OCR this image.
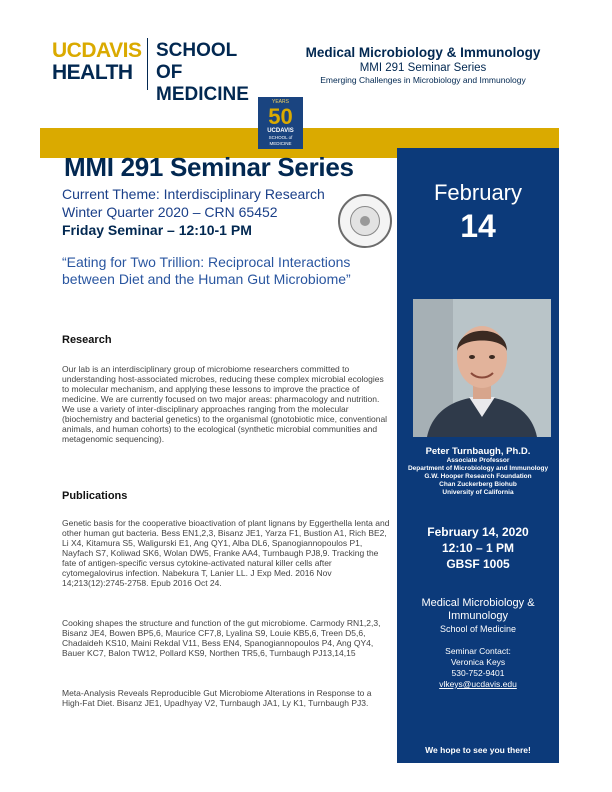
UCDAVIS
HEALTH
SCHOOL OF
MEDICINE
Medical Microbiology & Immunology
MMI 291 Seminar Series
Emerging Challenges in Microbiology and Immunology
YEARS
50
UCDAVIS
SCHOOL of MEDICINE
MMI 291 Seminar Series
Current Theme: Interdisciplinary Research
Winter Quarter 2020 – CRN 65452
Friday Seminar – 12:10-1 PM
“Eating for Two Trillion: Reciprocal Interactions between Diet and the Human Gut Microbiome”
Research
Our lab is an interdisciplinary group of microbiome researchers committed to understanding host-associated microbes, reducing these complex microbial ecologies to molecular mechanism, and applying these lessons to improve the practice of medicine. We are currently focused on two major areas: pharmacology and nutrition. We use a variety of inter-disciplinary approaches ranging from the molecular (biochemistry and bacterial genetics) to the organismal (gnotobiotic mice, conventional animals, and human cohorts) to the ecological (synthetic microbial communities and metagenomic sequencing).
Publications
Genetic basis for the cooperative bioactivation of plant lignans by Eggerthella lenta and other human gut bacteria. Bess EN1,2,3, Bisanz JE1, Yarza F1, Bustion A1, Rich BE2, Li X4, Kitamura S5, Waligurski E1, Ang QY1, Alba DL6, Spanogiannopoulos P1, Nayfach S7, Koliwad SK6, Wolan DW5, Franke AA4, Turnbaugh PJ8,9. Tracking the fate of antigen-specific versus cytokine-activated natural killer cells after cytomegalovirus infection. Nabekura T, Lanier LL. J Exp Med. 2016 Nov 14;213(12):2745-2758. Epub 2016 Oct 24.
Cooking shapes the structure and function of the gut microbiome. Carmody RN1,2,3, Bisanz JE4, Bowen BP5,6, Maurice CF7,8, Lyalina S9, Louie KB5,6, Treen D5,6, Chadaideh KS10, Maini Rekdal V11, Bess EN4, Spanogiannopoulos P4, Ang QY4, Bauer KC7, Balon TW12, Pollard KS9, Northen TR5,6, Turnbaugh PJ13,14,15
Meta-Analysis Reveals Reproducible Gut Microbiome Alterations in Response to a High-Fat Diet. Bisanz JE1, Upadhyay V2, Turnbaugh JA1, Ly K1, Turnbaugh PJ3.
February
14
Peter Turnbaugh, Ph.D.
Associate Professor
Department of Microbiology and Immunology
G.W. Hooper Research Foundation
Chan Zuckerberg Biohub
University of California
February 14, 2020
12:10 – 1 PM
GBSF 1005
Medical Microbiology & Immunology
School of Medicine
Seminar Contact:
Veronica Keys
530-752-9401
vlkeys@ucdavis.edu
We hope to see you there!
